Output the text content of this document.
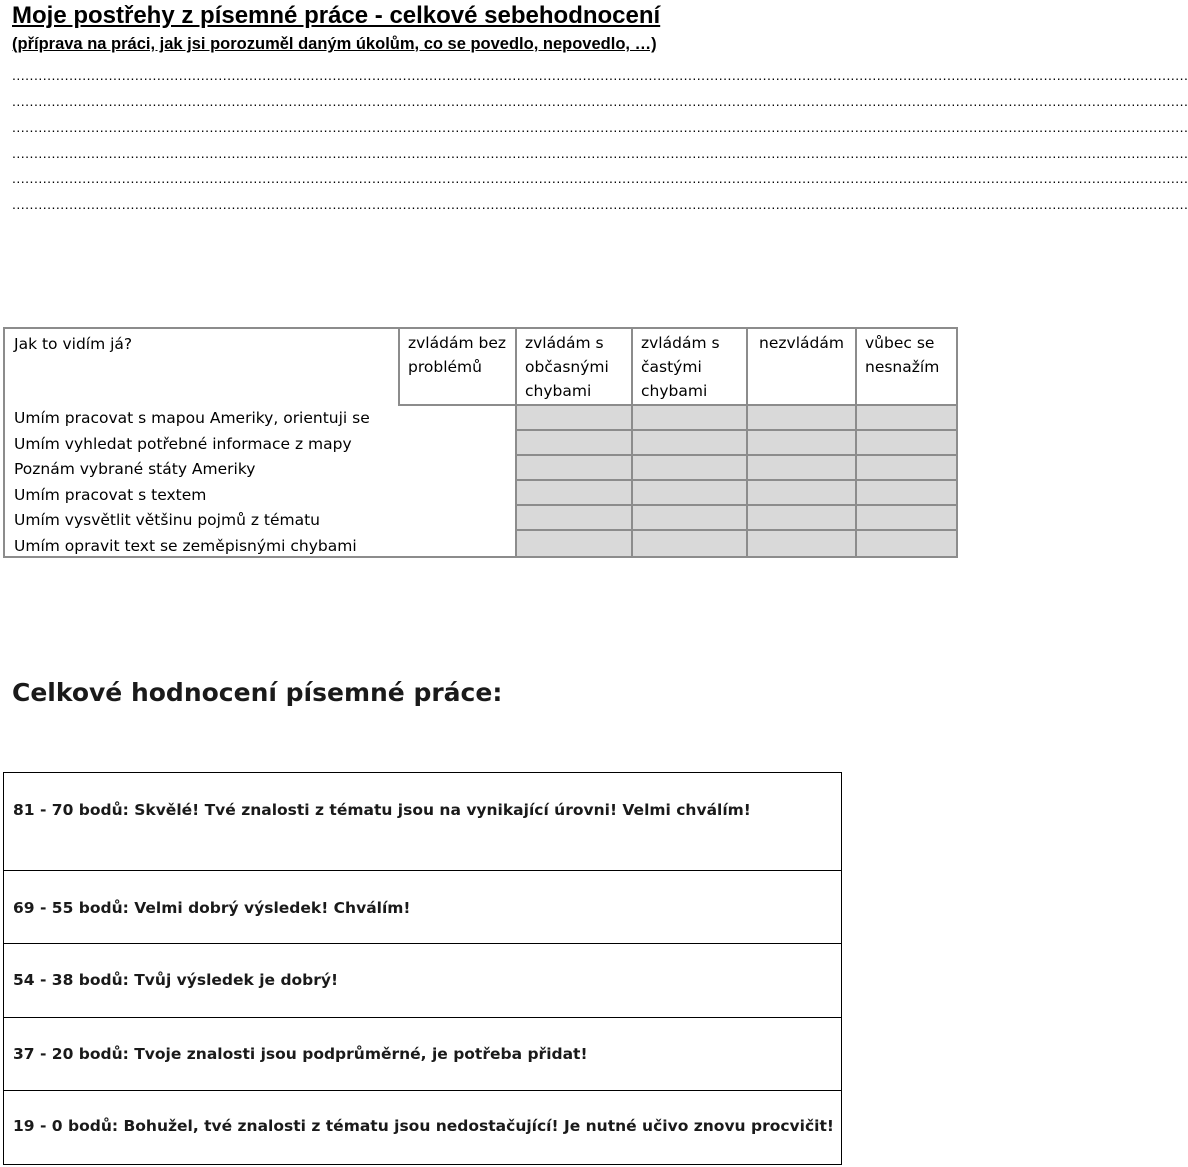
Moje postřehy z písemné práce - celkové sebehodnocení
(příprava na práci, jak jsi porozuměl daným úkolům, co se povedlo, nepovedlo, …)
............................................................................................................................................................................................................................................................................
............................................................................................................................................................................................................................................................................
............................................................................................................................................................................................................................................................................
............................................................................................................................................................................................................................................................................
............................................................................................................................................................................................................................................................................
............................................................................................................................................................................................................................................................................
Jak to vidím já?	zvládám bez problémů
zvládám s občasnými chybami
zvládám s častými chybami
nezvládám	vůbec se nesnažím
Umím pracovat s mapou Ameriky, orientuji se
Umím vyhledat potřebné informace z mapy
Poznám vybrané státy Ameriky
Umím pracovat s textem
Umím vysvětlit většinu pojmů z tématu
Umím opravit text se zeměpisnými chybami
Celkové hodnocení písemné práce:
81 - 70 bodů: Skvělé! Tvé znalosti z tématu jsou na vynikající úrovni! Velmi chválím!
69 - 55 bodů: Velmi dobrý výsledek! Chválím!
54 - 38 bodů: Tvůj výsledek je dobrý!
37 - 20 bodů: Tvoje znalosti jsou podprůměrné, je potřeba přidat!
19 - 0 bodů: Bohužel, tvé znalosti z tématu jsou nedostačující! Je nutné učivo znovu procvičit!
